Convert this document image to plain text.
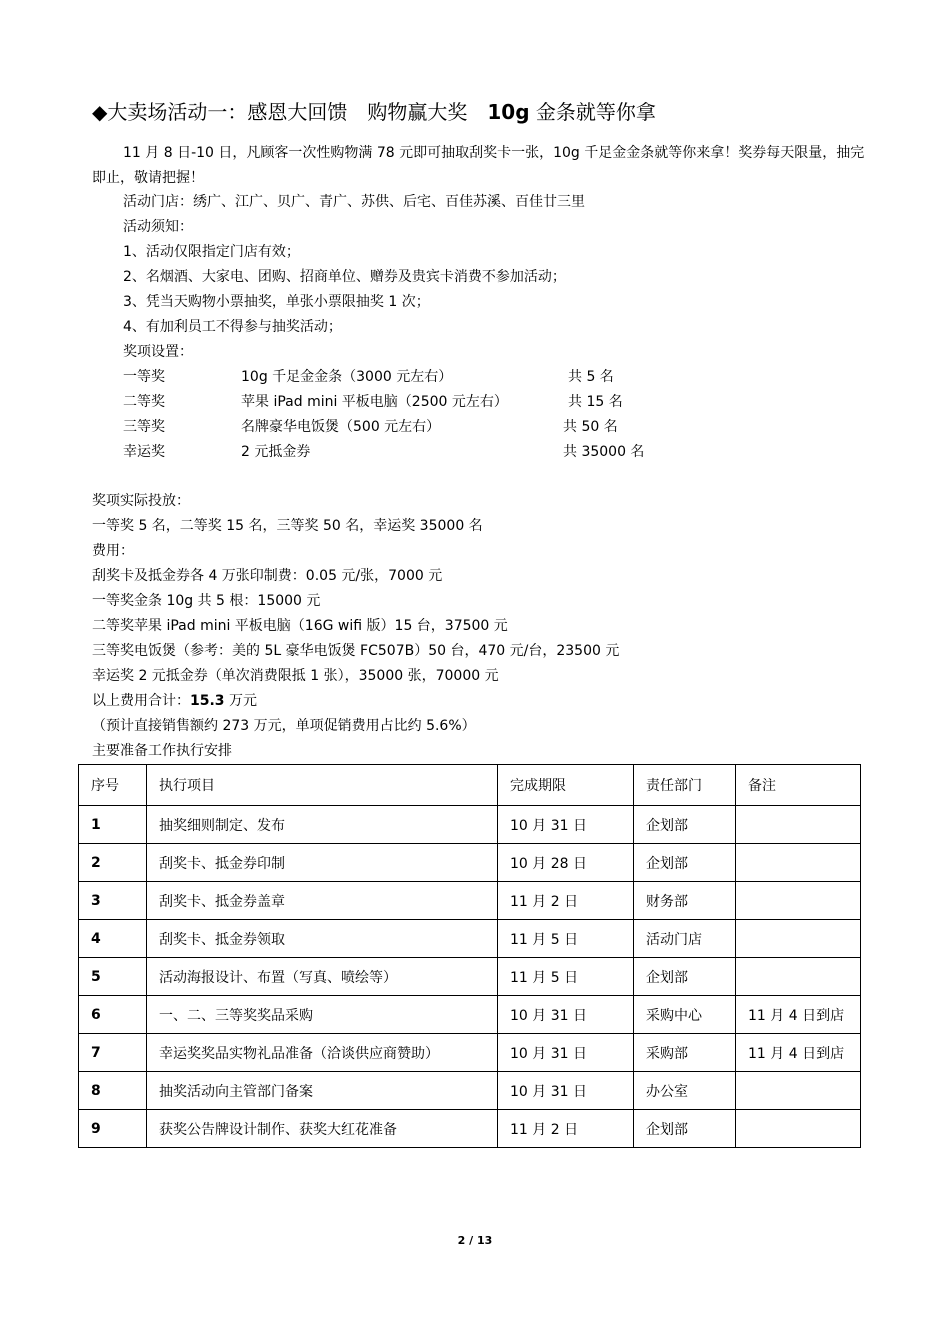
◆大卖场活动一：感恩大回馈　购物赢大奖　10g 金条就等你拿
11 月 8 日-10 日，凡顾客一次性购物满 78 元即可抽取刮奖卡一张，10g 千足金金条就等你来拿！奖券每天限量，抽完即止，敬请把握！
活动门店：绣广、江广、贝广、青广、苏供、后宅、百佳苏溪、百佳廿三里
活动须知：
1、活动仅限指定门店有效；
2、名烟酒、大家电、团购、招商单位、赠券及贵宾卡消费不参加活动；
3、凭当天购物小票抽奖，单张小票限抽奖 1 次；
4、有加利员工不得参与抽奖活动；
奖项设置：
一等奖	10g 千足金金条（3000 元左右）	共 5 名
二等奖	苹果 iPad mini 平板电脑（2500 元左右）	共 15 名
三等奖	名牌豪华电饭煲（500 元左右）	共 50 名
幸运奖	2 元抵金券	共 35000 名
奖项实际投放：
一等奖 5 名，二等奖 15 名，三等奖 50 名，幸运奖 35000 名
费用：
刮奖卡及抵金券各 4 万张印制费：0.05 元/张，7000 元
一等奖金条 10g 共 5 根：15000 元
二等奖苹果 iPad mini 平板电脑（16G wifi 版）15 台，37500 元
三等奖电饭煲（参考：美的 5L 豪华电饭煲 FC507B）50 台，470 元/台，23500 元
幸运奖 2 元抵金券（单次消费限抵 1 张），35000 张，70000 元
以上费用合计：15.3 万元
（预计直接销售额约 273 万元，单项促销费用占比约 5.6%）
主要准备工作执行安排
序号	执行项目	完成期限	责任部门	备注
1	抽奖细则制定、发布	10 月 31 日	企划部	
2	刮奖卡、抵金券印制	10 月 28 日	企划部	
3	刮奖卡、抵金券盖章	11 月 2 日	财务部	
4	刮奖卡、抵金券领取	11 月 5 日	活动门店	
5	活动海报设计、布置（写真、喷绘等）	11 月 5 日	企划部	
6	一、二、三等奖奖品采购	10 月 31 日	采购中心	11 月 4 日到店
7	幸运奖奖品实物礼品准备（洽谈供应商赞助）	10 月 31 日	采购部	11 月 4 日到店
8	抽奖活动向主管部门备案	10 月 31 日	办公室	
9	获奖公告牌设计制作、获奖大红花准备	11 月 2 日	企划部	
2 / 13
